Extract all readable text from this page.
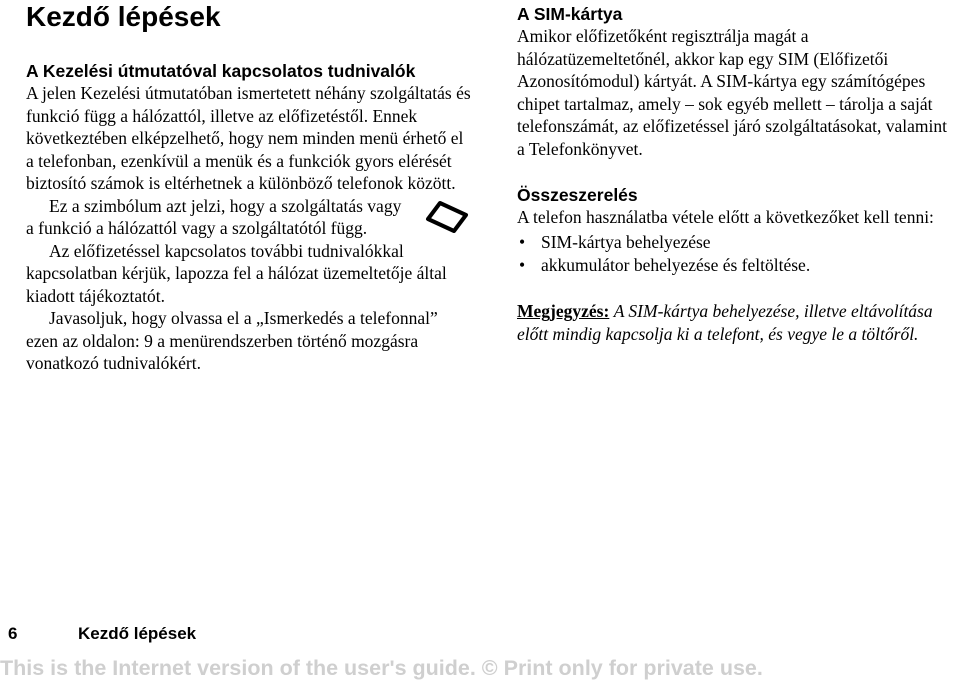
Kezdő lépések
A Kezelési útmutatóval kapcsolatos tudnivalók

A jelen Kezelési útmutatóban ismertetett néhány szolgáltatás és funkció függ a hálózattól, illetve az előfizetéstől. Ennek következtében elképzelhető, hogy nem minden menü érhető el a telefonban, ezenkívül a menük és a funkciók gyors elérését biztosító számok is eltérhetnek a különböző telefonok között.

Ez a szimbólum azt jelzi, hogy a szolgáltatás vagy a funkció a hálózattól vagy a szolgáltatótól függ.

Az előfizetéssel kapcsolatos további tudnivalókkal kapcsolatban kérjük, lapozza fel a hálózat üzemeltetője által kiadott tájékoztatót.

Javasoljuk, hogy olvassa el a „Ismerkedés a telefonnal” ezen az oldalon: 9 a menürendszerben történő mozgásra vonatkozó tudnivalókért.

A SIM-kártya

Amikor előfizetőként regisztrálja magát a hálózatüzemeltetőnél, akkor kap egy SIM (Előfizetői Azonosítómodul) kártyát. A SIM-kártya egy számítógépes chipet tartalmaz, amely – sok egyéb mellett – tárolja a saját telefonszámát, az előfizetéssel járó szolgáltatásokat, valamint a Telefonkönyvet.

Összeszerelés

A telefon használatba vétele előtt a következőket kell tenni:

• SIM-kártya behelyezése
• akkumulátor behelyezése és feltöltése.

Megjegyzés: A SIM-kártya behelyezése, illetve eltávolítása előtt mindig kapcsolja ki a telefont, és vegye le a töltőről.

6	Kezdő lépések
This is the Internet version of the user's guide. © Print only for private use.
